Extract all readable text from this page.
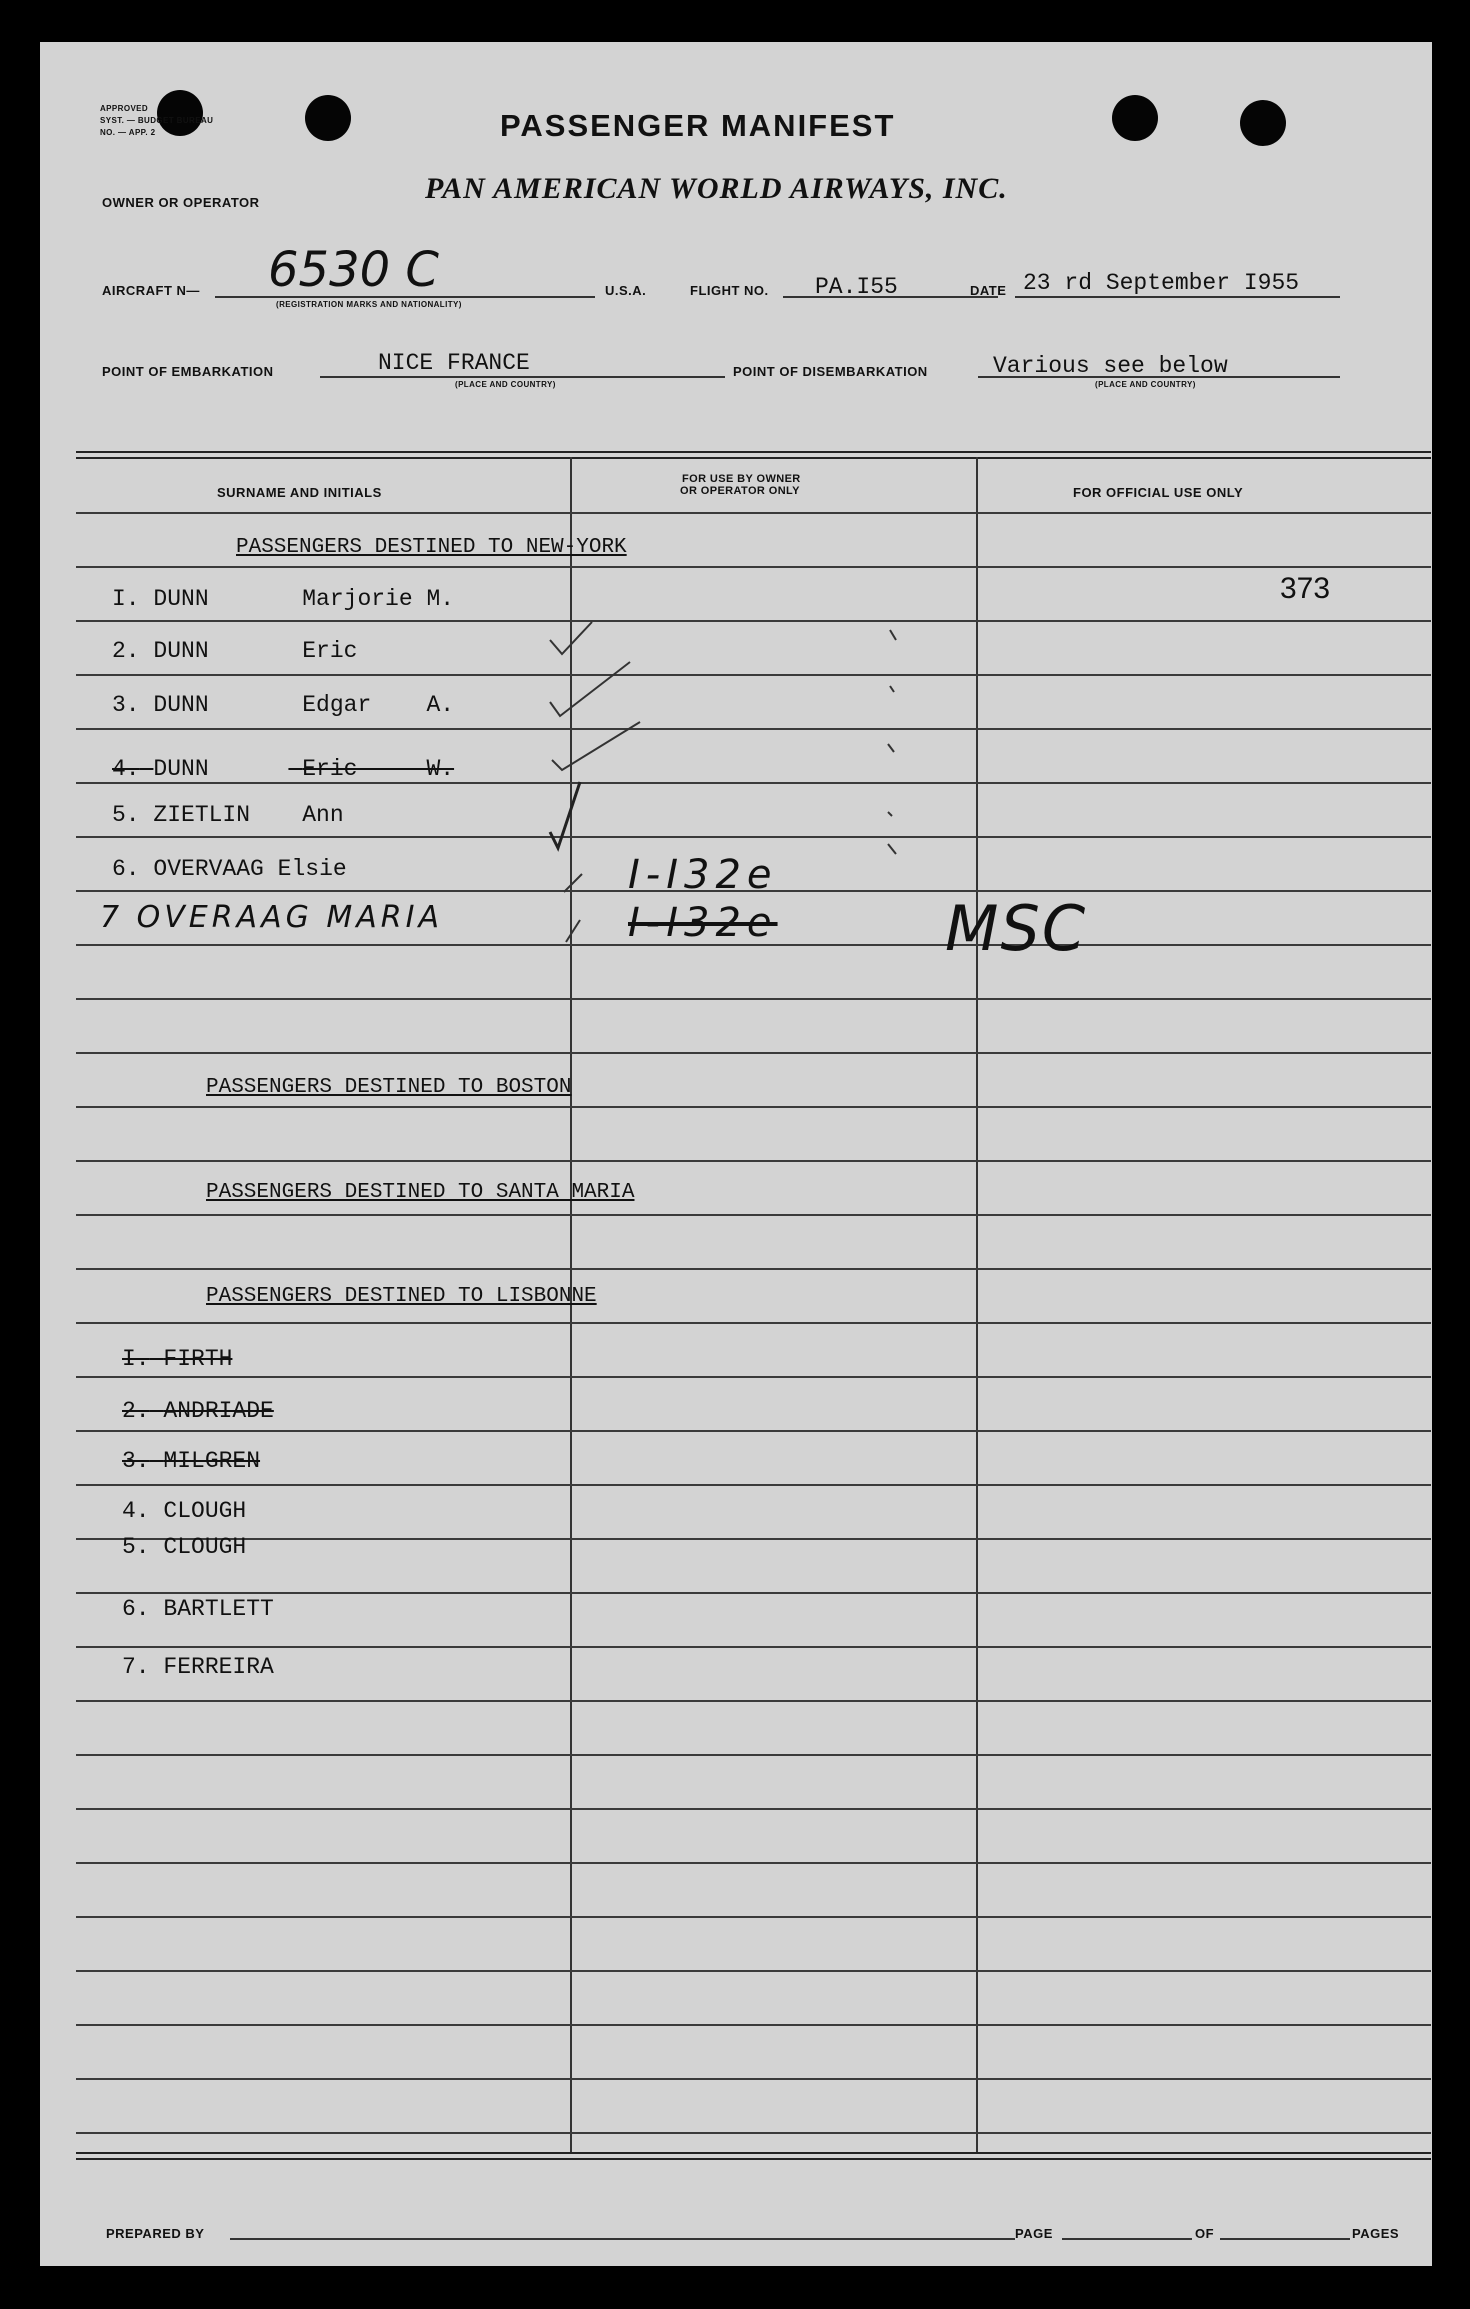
APPROVED
SYST. — BUDGET BUREAU
NO. — APP. 2	PASSENGER MANIFEST
OWNER OR OPERATOR	PAN AMERICAN WORLD AIRWAYS, INC.
AIRCRAFT N— 6530 C
(REGISTRATION MARKS AND NATIONALITY)
U.S.A.	FLIGHT NO. PA.I55	DATE 23 rd September I955
POINT OF EMBARKATION	NICE FRANCE
(PLACE AND COUNTRY)
POINT OF DISEMBARKATION	Various see below
(PLACE AND COUNTRY)
SURNAME AND INITIALS
FOR USE BY OWNER
OR OPERATOR ONLY	FOR OFFICIAL USE ONLY
PASSENGERS DESTINED TO NEW-YORK
373
I. DUNN	Marjorie M.
2. DUNN	Eric
3. DUNN	Edgar    A.
4. DUNN	Eric     W.
5. ZIETLIN Ann
6. OVERVAAG Elsie
7 OVERAAG MARIA
I-I32e
I-I32e	MSC
PASSENGERS DESTINED TO BOSTON
PASSENGERS DESTINED TO SANTA MARIA
PASSENGERS DESTINED TO LISBONNE
I. FIRTH
2. ANDRIADE
3. MILGREN
4. CLOUGH
5. CLOUGH
6. BARTLETT
7. FERREIRA
PREPARED BY	PAGE	OF	PAGES
